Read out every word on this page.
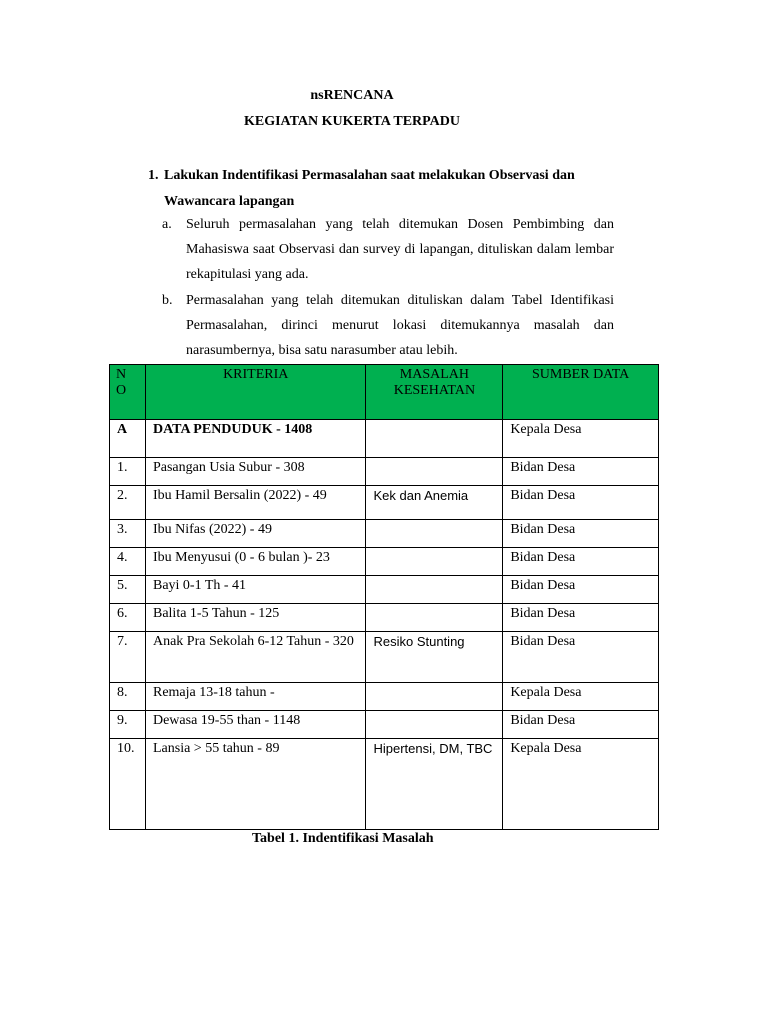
nsRENCANA
KEGIATAN KUKERTA TERPADU
1. Lakukan Indentifikasi Permasalahan saat melakukan Observasi dan Wawancara lapangan
a. Seluruh permasalahan yang telah ditemukan Dosen Pembimbing dan Mahasiswa saat Observasi dan survey di lapangan, dituliskan dalam lembar rekapitulasi yang ada.
b. Permasalahan yang telah ditemukan dituliskan dalam Tabel Identifikasi Permasalahan, dirinci menurut lokasi ditemukannya masalah dan narasumbernya, bisa satu narasumber atau lebih.
N O	KRITERIA	MASALAH KESEHATAN	SUMBER DATA
A	DATA PENDUDUK - 1408		Kepala Desa
1.	Pasangan Usia Subur - 308		Bidan Desa
2.	Ibu Hamil Bersalin (2022) - 49	Kek dan Anemia	Bidan Desa
3.	Ibu Nifas (2022) - 49		Bidan Desa
4.	Ibu Menyusui (0 - 6 bulan )- 23		Bidan Desa
5.	Bayi 0-1 Th - 41		Bidan Desa
6.	Balita 1-5 Tahun - 125		Bidan Desa
7.	Anak Pra Sekolah 6-12 Tahun - 320	Resiko Stunting	Bidan Desa
8.	Remaja 13-18 tahun -		Kepala Desa
9.	Dewasa 19-55 than - 1148		Bidan Desa
10.	Lansia > 55 tahun - 89	Hipertensi, DM, TBC	Kepala Desa
Tabel 1. Indentifikasi Masalah
